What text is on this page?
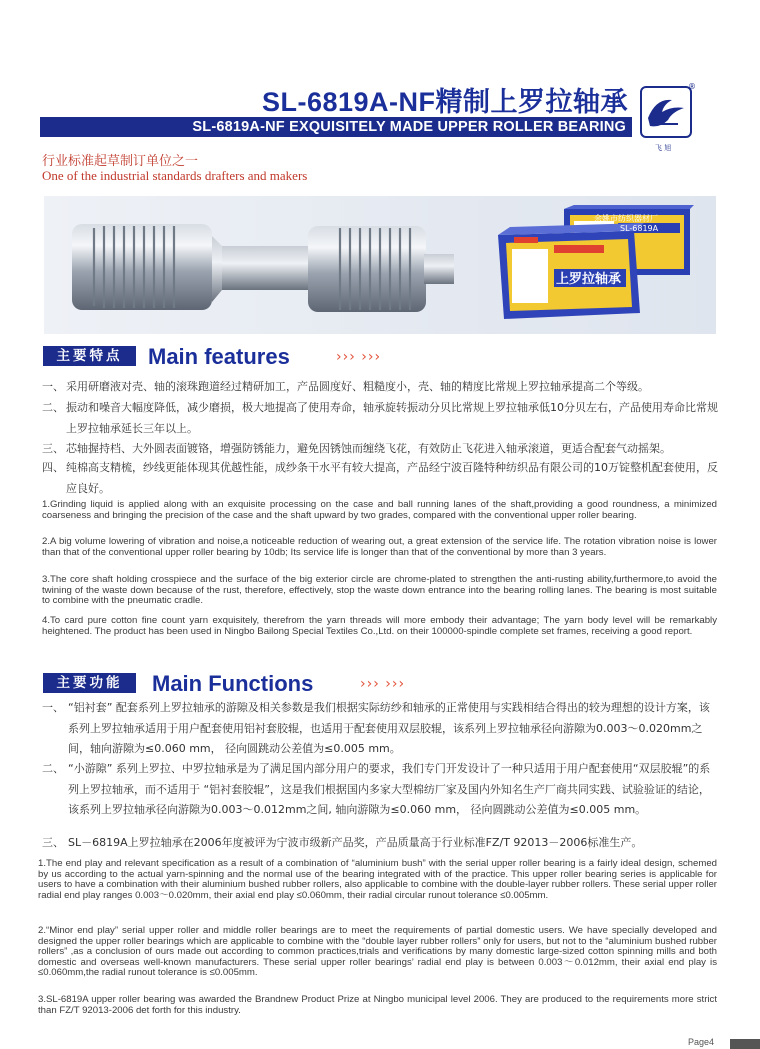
SL-6819A-NF精制上罗拉轴承
SL-6819A-NF EXQUISITELY MADE UPPER ROLLER BEARING
®
飞 旭
行业标准起草制订单位之一
One of the industrial standards drafters and makers
余姚市纺织器材厂
SL-6819A
上罗拉轴承
主要特点	Main features	››› ›››
一、 采用研磨液对壳、轴的滚珠跑道经过精研加工，产品圆度好、粗糙度小，壳、轴的精度比常规上罗拉轴承提高二个等级。
二、 振动和噪音大幅度降低，减少磨损，极大地提高了使用寿命，轴承旋转振动分贝比常规上罗拉轴承低10分贝左右，产品使用寿命比常规上罗拉轴承延长三年以上。
三、 芯轴握持档、大外圆表面镀铬，增强防锈能力，避免因锈蚀而缠绕飞花，有效防止飞花进入轴承滚道，更适合配套气动摇架。
四、 纯棉高支精梳，纱线更能体现其优越性能，成纱条干水平有较大提高，产品经宁波百隆特种纺织品有限公司的10万锭整机配套使用，反应良好。
1.Grinding liquid is applied along with an exquisite processing on the case and ball running lanes of the shaft,providing a good roundness, a minimized coarseness and bringing the precision of the case and the shaft upward by two grades, compared with the conventional upper roller bearing.
2.A big volume lowering of vibration and noise,a noticeable reduction of wearing out, a great extension of the service life. The rotation vibration noise is lower than that of the conventional upper roller bearing by 10db; Its service life is longer than that of the conventional by more than 3 years.
3.The core shaft holding crosspiece and the surface of the big exterior circle are chrome-plated to strengthen the anti-rusting ability,furthermore,to avoid the twining of the waste down because of the rust, therefore, effectively, stop the waste down entrance into the bearing rolling lanes. The bearing is most suitable to combine with the pneumatic cradle.
4.To card pure cotton fine count yarn exquisitely, therefrom the yarn threads will more embody their advantage; The yarn body level will be remarkably heightened. The product has been used in Ningbo Bailong Special Textiles Co.,Ltd. on their 100000-spindle complete set frames, receiving a good report.
主要功能	Main Functions	››› ›››
一、 “铝衬套” 配套系列上罗拉轴承的游隙及相关参数是我们根据实际纺纱和轴承的正常使用与实践相结合得出的较为理想的设计方案，该系列上罗拉轴承适用于用户配套使用铝衬套胶辊，也适用于配套使用双层胶辊，该系列上罗拉轴承径向游隙为0.003～0.020mm之间，轴向游隙为≤0.060 mm， 径向圆跳动公差值为≤0.005 mm。
二、 “小游隙” 系列上罗拉、中罗拉轴承是为了满足国内部分用户的要求，我们专门开发设计了一种只适用于用户配套使用“双层胶辊”的系列上罗拉轴承，而不适用于 “铝衬套胶辊”，这是我们根据国内多家大型棉纺厂家及国内外知名生产厂商共同实践、试验验证的结论， 该系列上罗拉轴承径向游隙为0.003～0.012mm之间, 轴向游隙为≤0.060 mm， 径向圆跳动公差值为≤0.005 mm。
三、 SL－6819A上罗拉轴承在2006年度被评为宁波市级新产品奖，产品质量高于行业标准FZ/T 92013－2006标准生产。
1.The end play and relevant specification as a result of a combination of “aluminium bush” with the serial upper roller bearing is a fairly ideal design, schemed by us according to the actual yarn-spinning and the normal use of the bearing integrated with of the practice. This upper roller bearing series is applicable for users to have a combination with their aluminium bushed rubber rollers, also applicable to combine with the double-layer rubber rollers. These serial upper roller radial end play ranges 0.003～0.020mm, their axial end play ≤0.060mm, their radial circular runout tolerance ≤0.005mm.
2.“Minor end play” serial upper roller and middle roller bearings are to meet the requirements of partial domestic users. We have specially developed and designed the upper roller bearings which are applicable to combine with the “double layer rubber rollers” only for users, but not to the “aluminium bushed rubber rollers” ,as a conclusion of ours made out according to common practices,trials and verifications by many domestic large-sized cotton spinning mills and both domestic and overseas well-known manufacturers. These serial upper roller bearings’ radial end play is between 0.003～0.012mm, their axial end play is ≤0.060mm,the radial runout tolerance is ≤0.005mm.
3.SL-6819A upper roller bearing was awarded the Brandnew Product Prize at Ningbo municipal level 2006. They are produced to the requirements more strict than FZ/T 92013-2006 det forth for this industry.
Page4
